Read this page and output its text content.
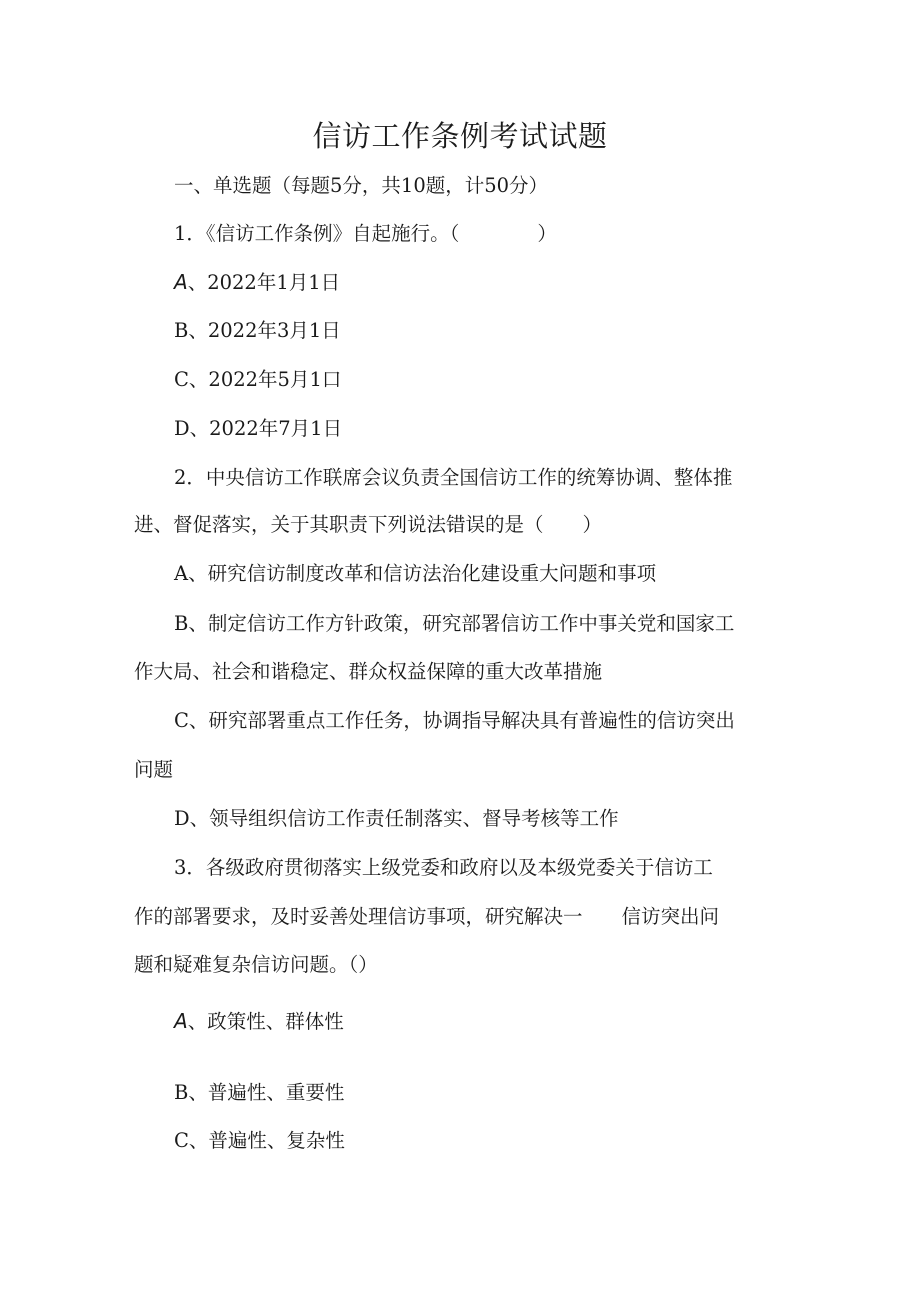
信访工作条例考试试题
一、单选题（每题5分，共10题，计50分）
1．《信访工作条例》自起施行。（　　　　）
A、2022年1月1日
B、2022年3月1日
C、2022年5月1口
D、2022年7月1日
2．中央信访工作联席会议负责全国信访工作的统筹协调、整体推
进、督促落实，关于其职责下列说法错误的是（　　）
A、研究信访制度改革和信访法治化建设重大问题和事项
B、制定信访工作方针政策，研究部署信访工作中事关党和国家工
作大局、社会和谐稳定、群众权益保障的重大改革措施
C、研究部署重点工作任务，协调指导解决具有普遍性的信访突出
问题
D、领导组织信访工作责任制落实、督导考核等工作
3．各级政府贯彻落实上级党委和政府以及本级党委关于信访工
作的部署要求，及时妥善处理信访事项，研究解决一　　信访突出问
题和疑难复杂信访问题。（）
A、政策性、群体性
B、普遍性、重要性
C、普遍性、复杂性
